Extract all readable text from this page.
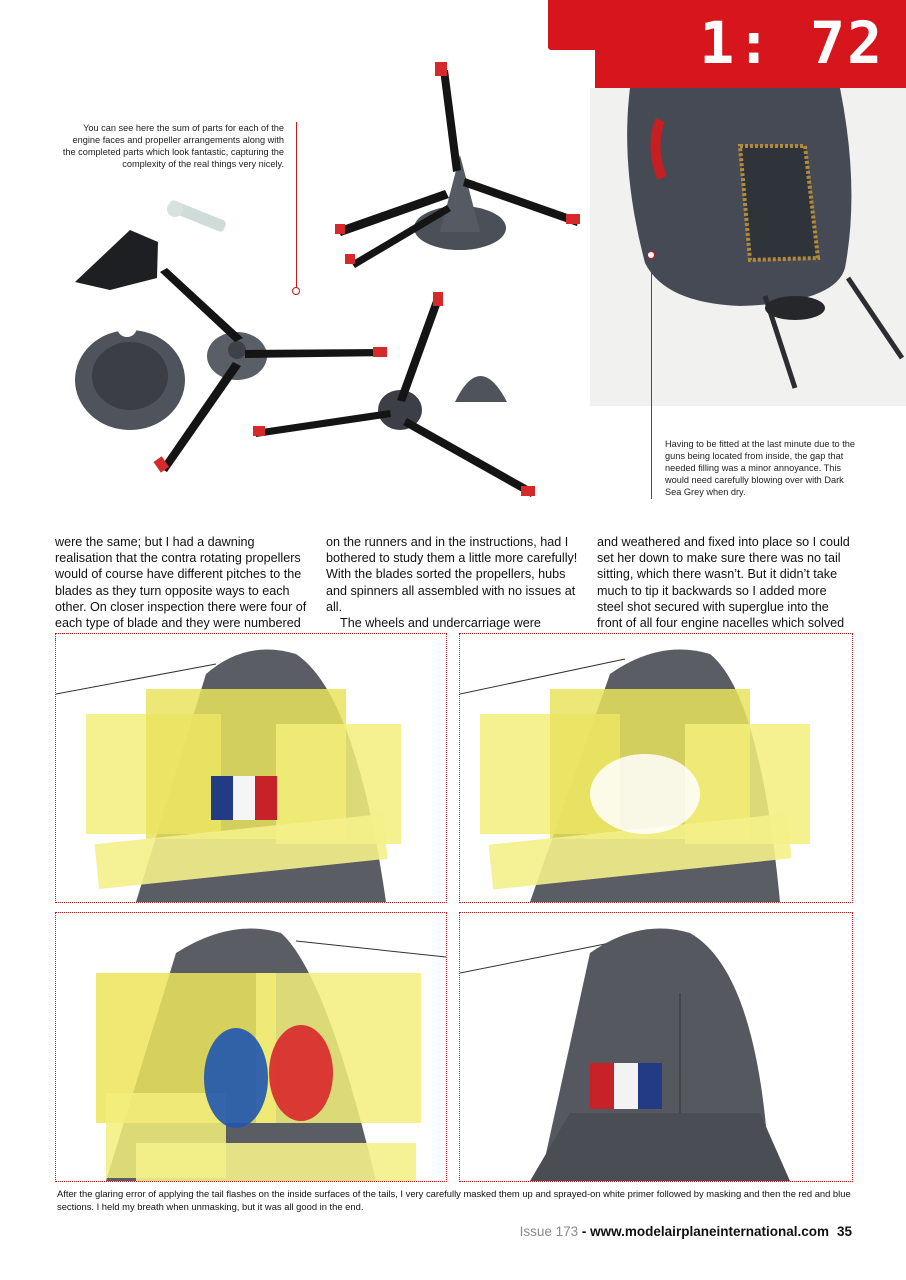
1: 72
You can see here the sum of parts for each of the engine faces and propeller arrangements along with the completed parts which look fantastic, capturing the complexity of the real things very nicely.
Having to be fitted at the last minute due to the guns being located from inside, the gap that needed filling was a minor annoyance. This would need carefully blowing over with Dark Sea Grey when dry.

were the same; but I had a dawning realisation that the contra rotating propellers would of course have different pitches to the blades as they turn opposite ways to each other. On closer inspection there were four of each type of blade and they were numbered

on the runners and in the instructions, had I bothered to study them a little more carefully! With the blades sorted the propellers, hubs and spinners all assembled with no issues at all.

The wheels and undercarriage were

and weathered and fixed into place so I could set her down to make sure there was no tail sitting, which there wasn’t. But it didn’t take much to tip it backwards so I added more steel shot secured with superglue into the front of all four engine nacelles which solved

After the glaring error of applying the tail flashes on the inside surfaces of the tails, I very carefully masked them up and sprayed-on white primer followed by masking and then the red and blue sections. I held my breath when unmasking, but it was all good in the end.
Issue 173 - www.modelairplaneinternational.com 35
